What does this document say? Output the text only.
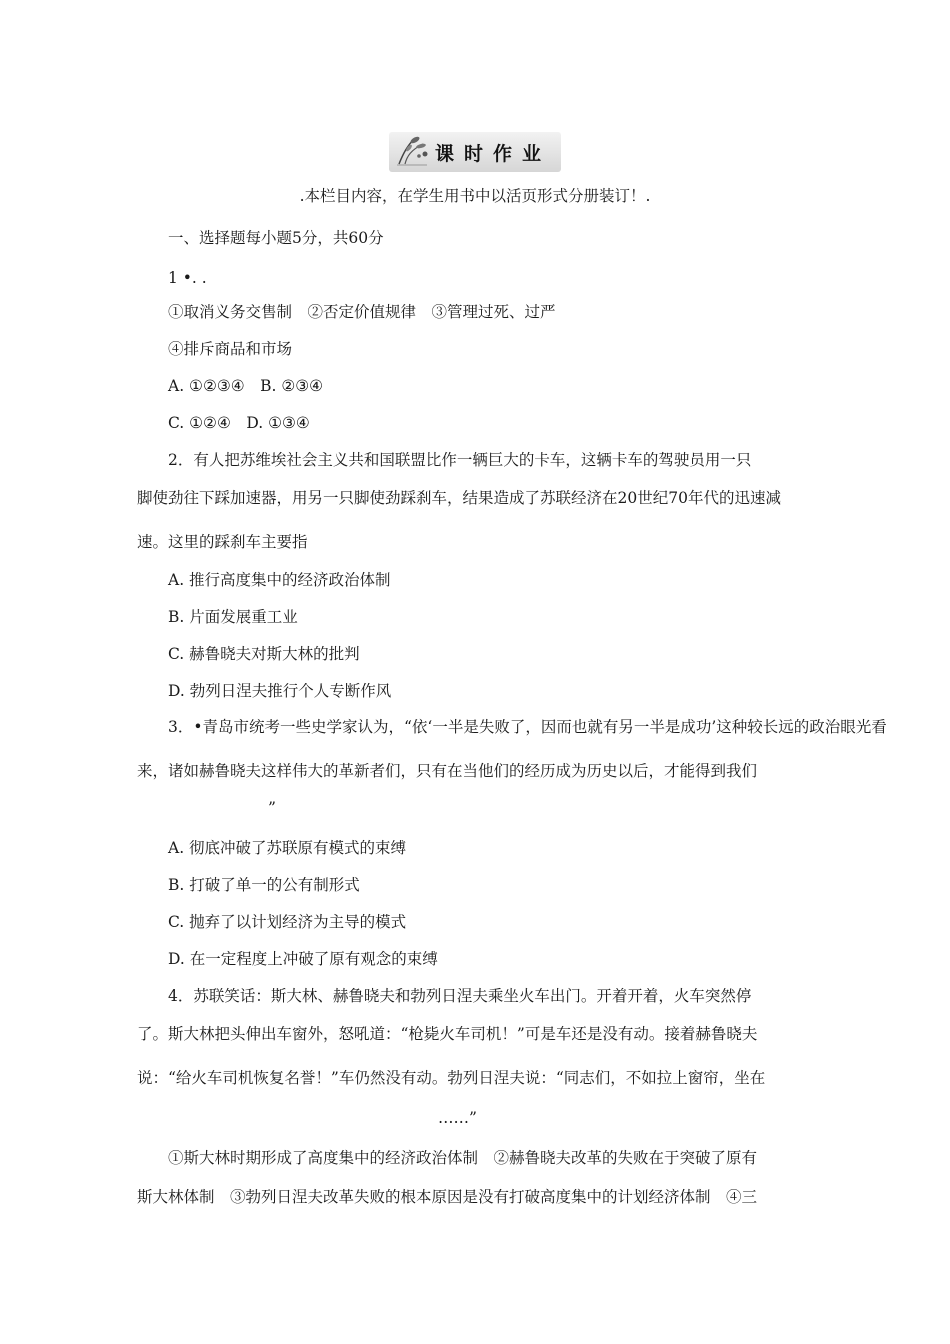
课时作业
.本栏目内容，在学生用书中以活页形式分册装订！.
一、选择题每小题5分，共60分
1 •. .
①取消义务交售制　②否定价值规律　③管理过死、过严
④排斥商品和市场
A. ①②③④　B. ②③④
C. ①②④　D. ①③④
2．有人把苏维埃社会主义共和国联盟比作一辆巨大的卡车，这辆卡车的驾驶员用一只
脚使劲往下踩加速器，用另一只脚使劲踩刹车，结果造成了苏联经济在20世纪70年代的迅速减
速。这里的踩刹车主要指
A. 推行高度集中的经济政治体制
B. 片面发展重工业
C. 赫鲁晓夫对斯大林的批判
D. 勃列日涅夫推行个人专断作风
3．•青岛市统考一些史学家认为，“依‘一半是失败了，因而也就有另一半是成功’这种较长远的政治眼光看
来，诸如赫鲁晓夫这样伟大的革新者们，只有在当他们的经历成为历史以后，才能得到我们
”
A. 彻底冲破了苏联原有模式的束缚
B. 打破了单一的公有制形式
C. 抛弃了以计划经济为主导的模式
D. 在一定程度上冲破了原有观念的束缚
4．苏联笑话：斯大林、赫鲁晓夫和勃列日涅夫乘坐火车出门。开着开着，火车突然停
了。斯大林把头伸出车窗外，怒吼道：“枪毙火车司机！”可是车还是没有动。接着赫鲁晓夫
说：“给火车司机恢复名誉！”车仍然没有动。勃列日涅夫说：“同志们，不如拉上窗帘，坐在
……”
①斯大林时期形成了高度集中的经济政治体制　②赫鲁晓夫改革的失败在于突破了原有
斯大林体制　③勃列日涅夫改革失败的根本原因是没有打破高度集中的计划经济体制　④三
